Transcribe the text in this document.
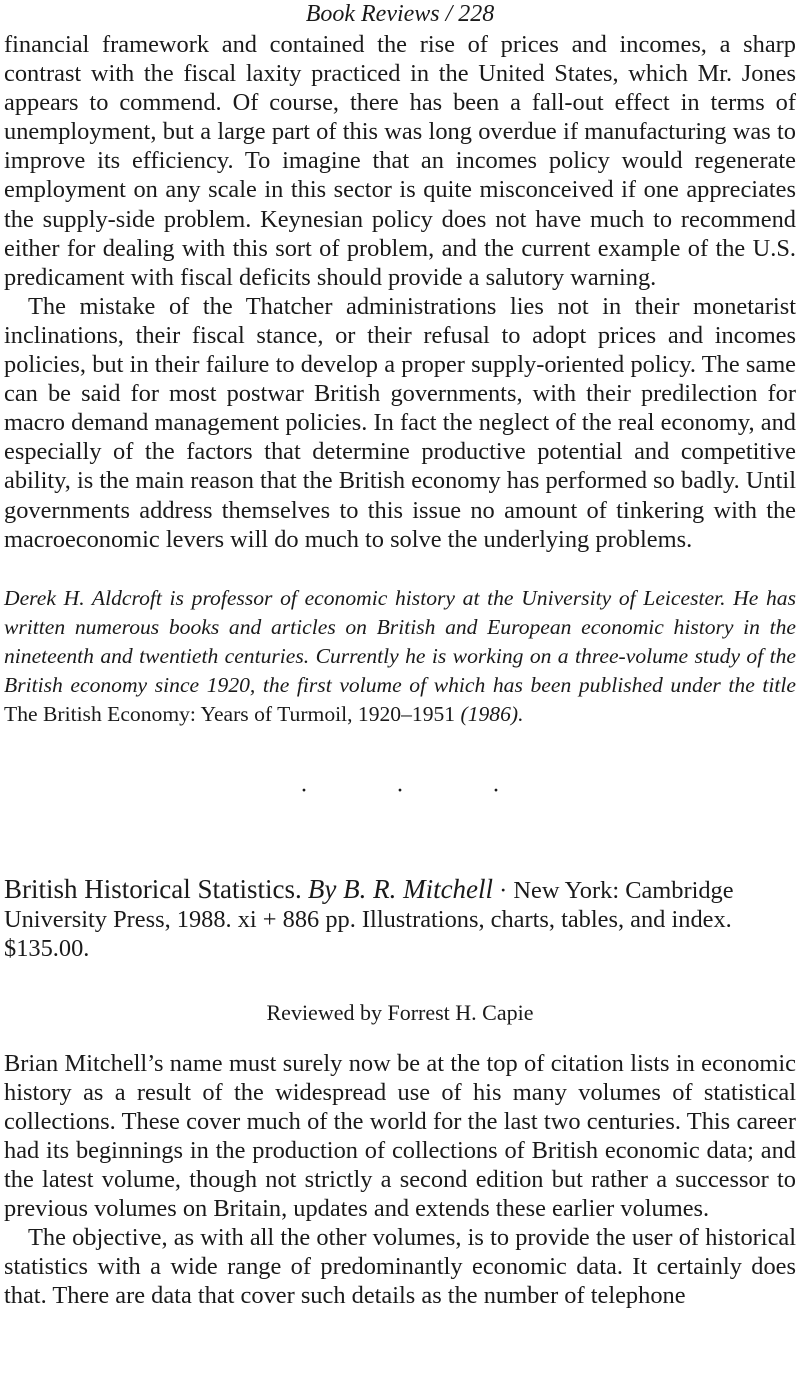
Book Reviews / 228

financial framework and contained the rise of prices and incomes, a sharp contrast with the fiscal laxity practiced in the United States, which Mr. Jones appears to commend. Of course, there has been a fall-out effect in terms of unemployment, but a large part of this was long overdue if manufacturing was to improve its efficiency. To imagine that an incomes policy would regenerate employment on any scale in this sector is quite misconceived if one appreciates the supply-side problem. Keynesian policy does not have much to recommend either for dealing with this sort of problem, and the current example of the U.S. predicament with fiscal deficits should provide a salutory warning.

The mistake of the Thatcher administrations lies not in their monetarist inclinations, their fiscal stance, or their refusal to adopt prices and incomes policies, but in their failure to develop a proper supply-oriented policy. The same can be said for most postwar British governments, with their predilection for macro demand management policies. In fact the neglect of the real economy, and especially of the factors that determine productive potential and competitive ability, is the main reason that the British economy has performed so badly. Until governments address themselves to this issue no amount of tinkering with the macroeconomic levers will do much to solve the underlying problems.

Derek H. Aldcroft is professor of economic history at the University of Leicester. He has written numerous books and articles on British and European economic history in the nineteenth and twentieth centuries. Currently he is working on a three-volume study of the British economy since 1920, the first volume of which has been published under the title The British Economy: Years of Turmoil, 1920–1951 (1986).
···
British Historical Statistics. By B. R. Mitchell · New York: Cambridge University Press, 1988. xi + 886 pp. Illustrations, charts, tables, and index. $135.00.
Reviewed by Forrest H. Capie

Brian Mitchell’s name must surely now be at the top of citation lists in economic history as a result of the widespread use of his many volumes of statistical collections. These cover much of the world for the last two centuries. This career had its beginnings in the production of collections of British economic data; and the latest volume, though not strictly a second edition but rather a successor to previous volumes on Britain, updates and extends these earlier volumes.

The objective, as with all the other volumes, is to provide the user of historical statistics with a wide range of predominantly economic data. It certainly does that. There are data that cover such details as the number of telephone
